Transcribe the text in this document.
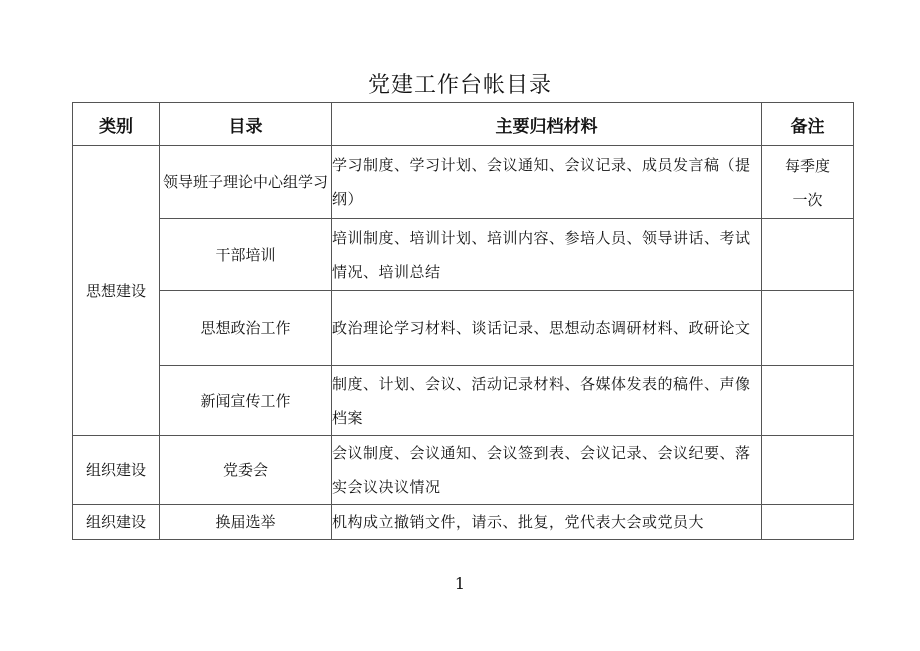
党建工作台帐目录
类别	目录	主要归档材料	备注
思想建设	领导班子理论中心组学习	学习制度、学习计划、会议通知、会议记录、成员发言稿（提纲）	每季度一次
	干部培训	培训制度、培训计划、培训内容、参培人员、领导讲话、考试情况、培训总结	
	思想政治工作	政治理论学习材料、谈话记录、思想动态调研材料、政研论文	
	新闻宣传工作	制度、计划、会议、活动记录材料、各媒体发表的稿件、声像档案	
组织建设	党委会	会议制度、会议通知、会议签到表、会议记录、会议纪要、落实会议决议情况	
组织建设	换届选举	机构成立撤销文件，请示、批复，党代表大会或党员大	
1
